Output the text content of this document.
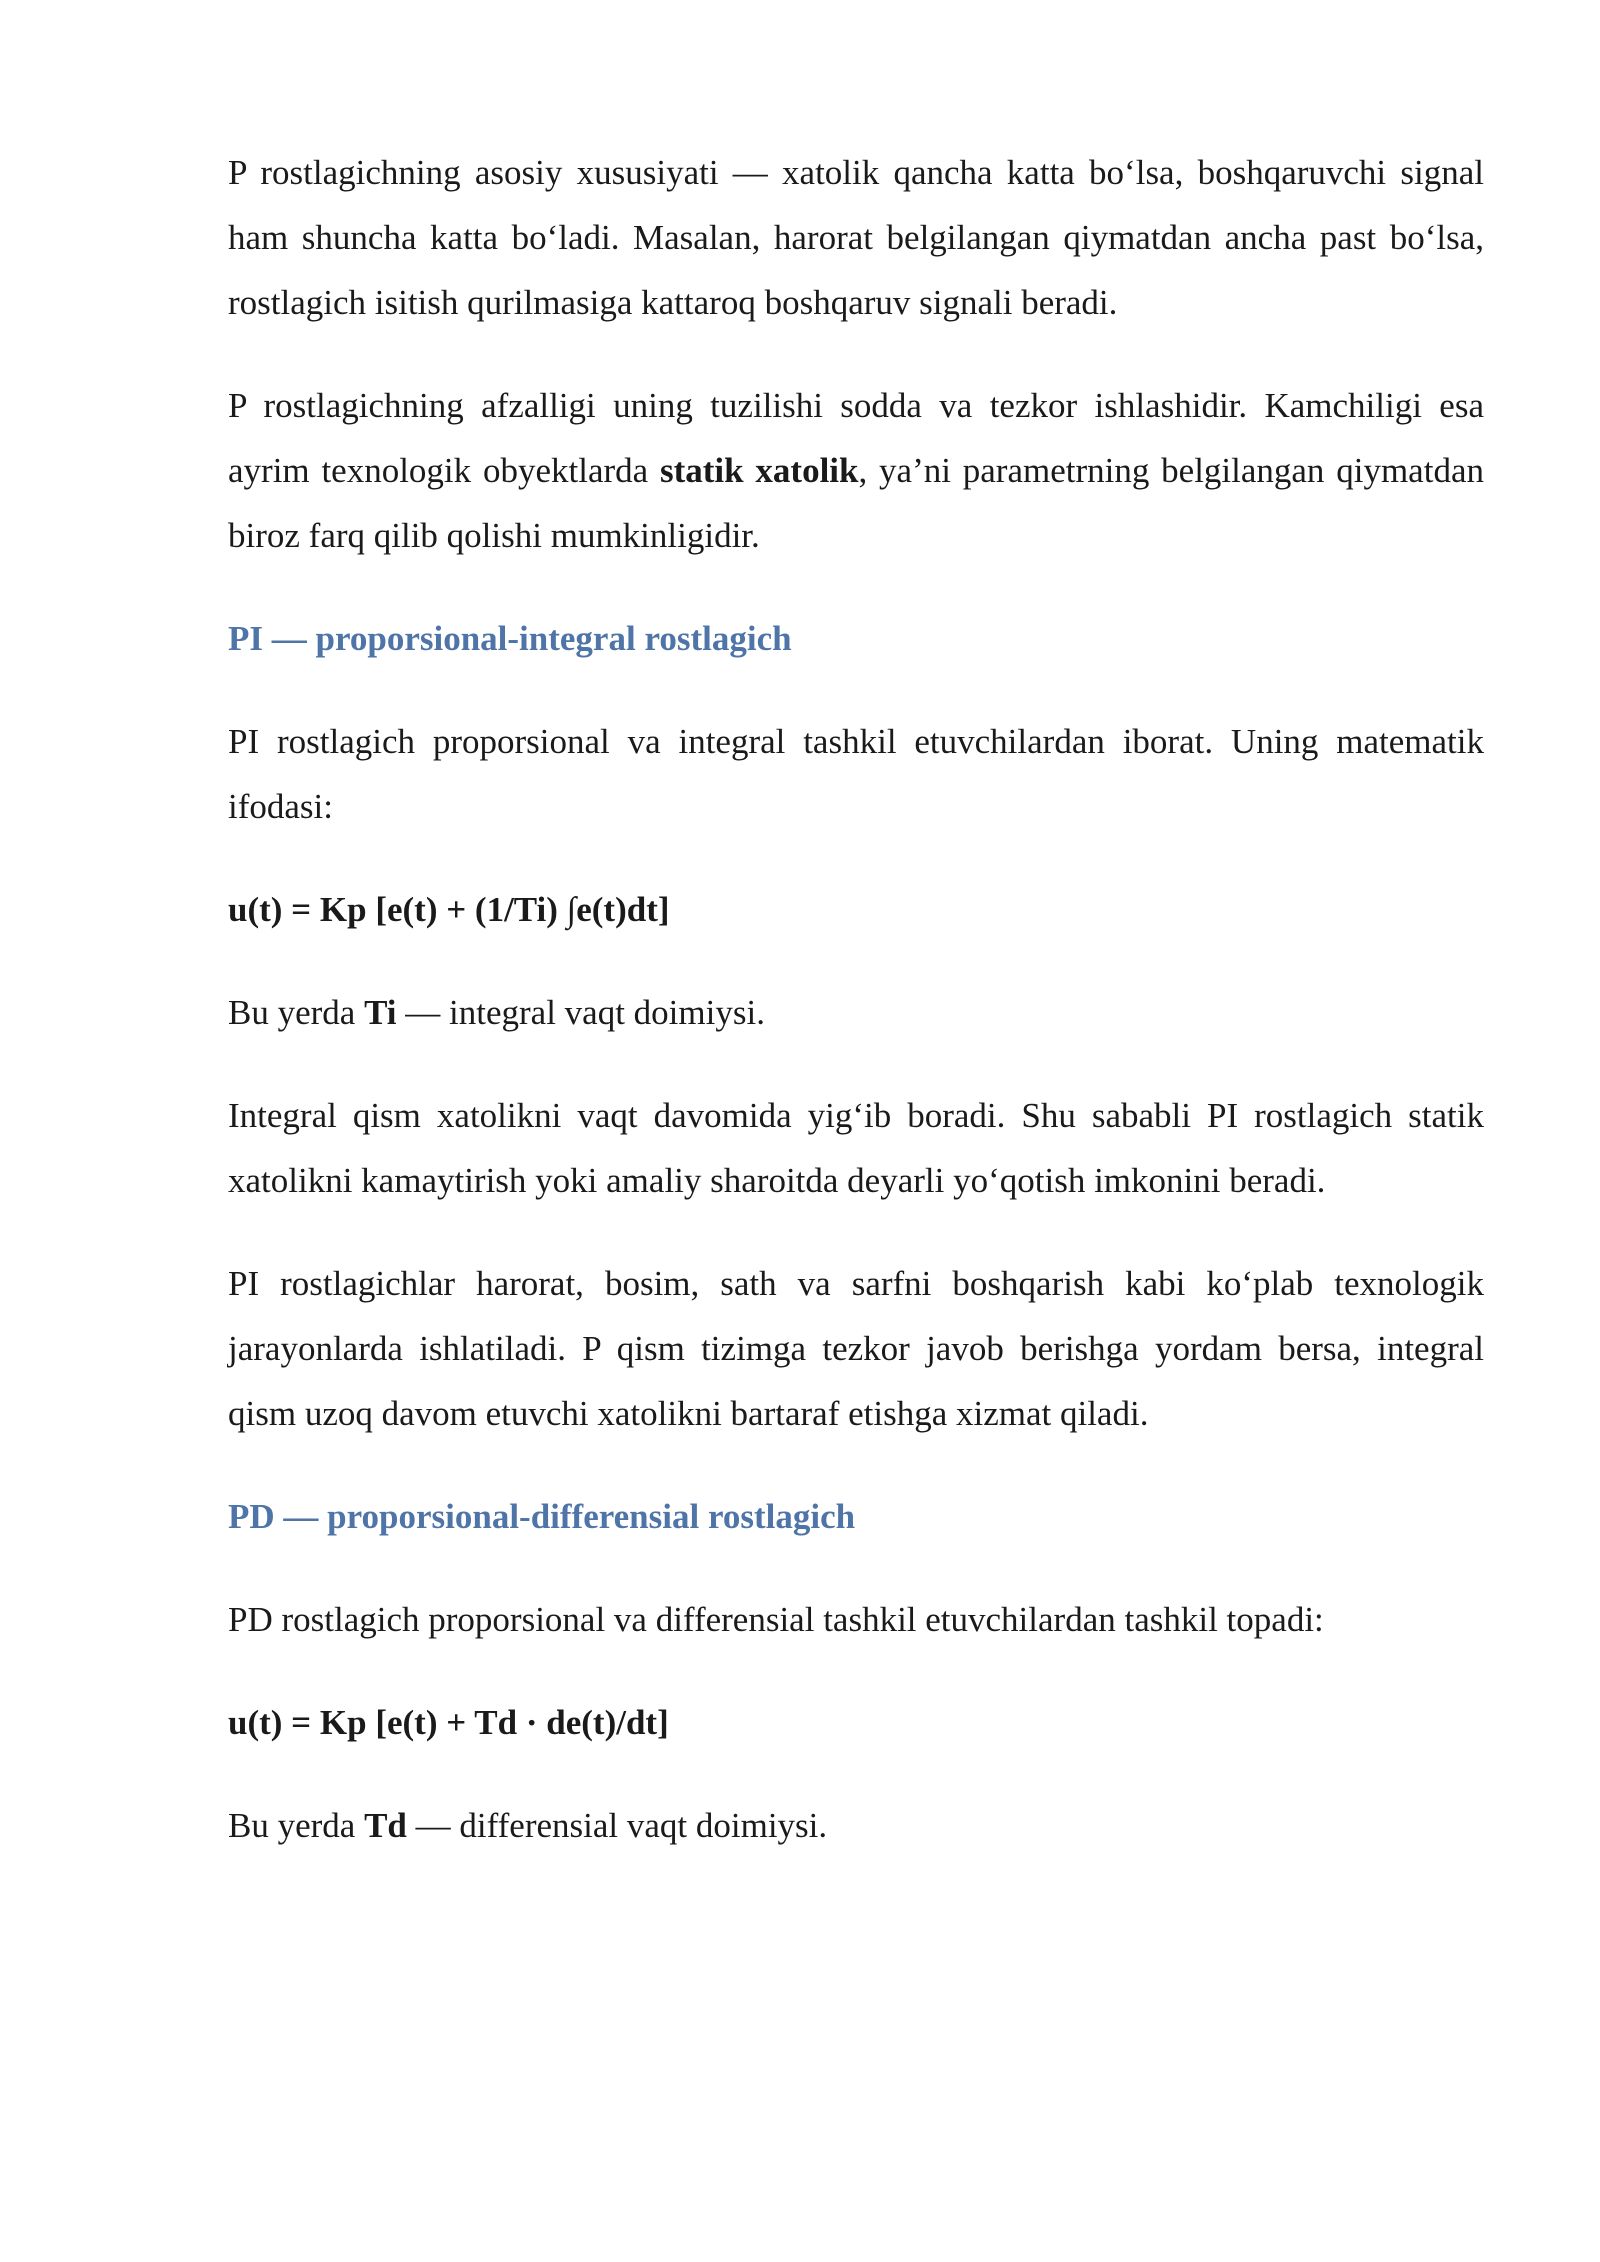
P rostlagichning asosiy xususiyati — xatolik qancha katta bo‘lsa, boshqaruvchi signal ham shuncha katta bo‘ladi. Masalan, harorat belgilangan qiymatdan ancha past bo‘lsa, rostlagich isitish qurilmasiga kattaroq boshqaruv signali beradi.

P rostlagichning afzalligi uning tuzilishi sodda va tezkor ishlashidir. Kamchiligi esa ayrim texnologik obyektlarda statik xatolik, ya’ni parametrning belgilangan qiymatdan biroz farq qilib qolishi mumkinligidir.

PI — proporsional-integral rostlagich

PI rostlagich proporsional va integral tashkil etuvchilardan iborat. Uning matematik ifodasi:

u(t) = Kp [e(t) + (1/Ti) ∫e(t)dt]

Bu yerda Ti — integral vaqt doimiysi.

Integral qism xatolikni vaqt davomida yig‘ib boradi. Shu sababli PI rostlagich statik xatolikni kamaytirish yoki amaliy sharoitda deyarli yo‘qotish imkonini beradi.

PI rostlagichlar harorat, bosim, sath va sarfni boshqarish kabi ko‘plab texnologik jarayonlarda ishlatiladi. P qism tizimga tezkor javob berishga yordam bersa, integral qism uzoq davom etuvchi xatolikni bartaraf etishga xizmat qiladi.

PD — proporsional-differensial rostlagich

PD rostlagich proporsional va differensial tashkil etuvchilardan tashkil topadi:

u(t) = Kp [e(t) + Td · de(t)/dt]

Bu yerda Td — differensial vaqt doimiysi.
